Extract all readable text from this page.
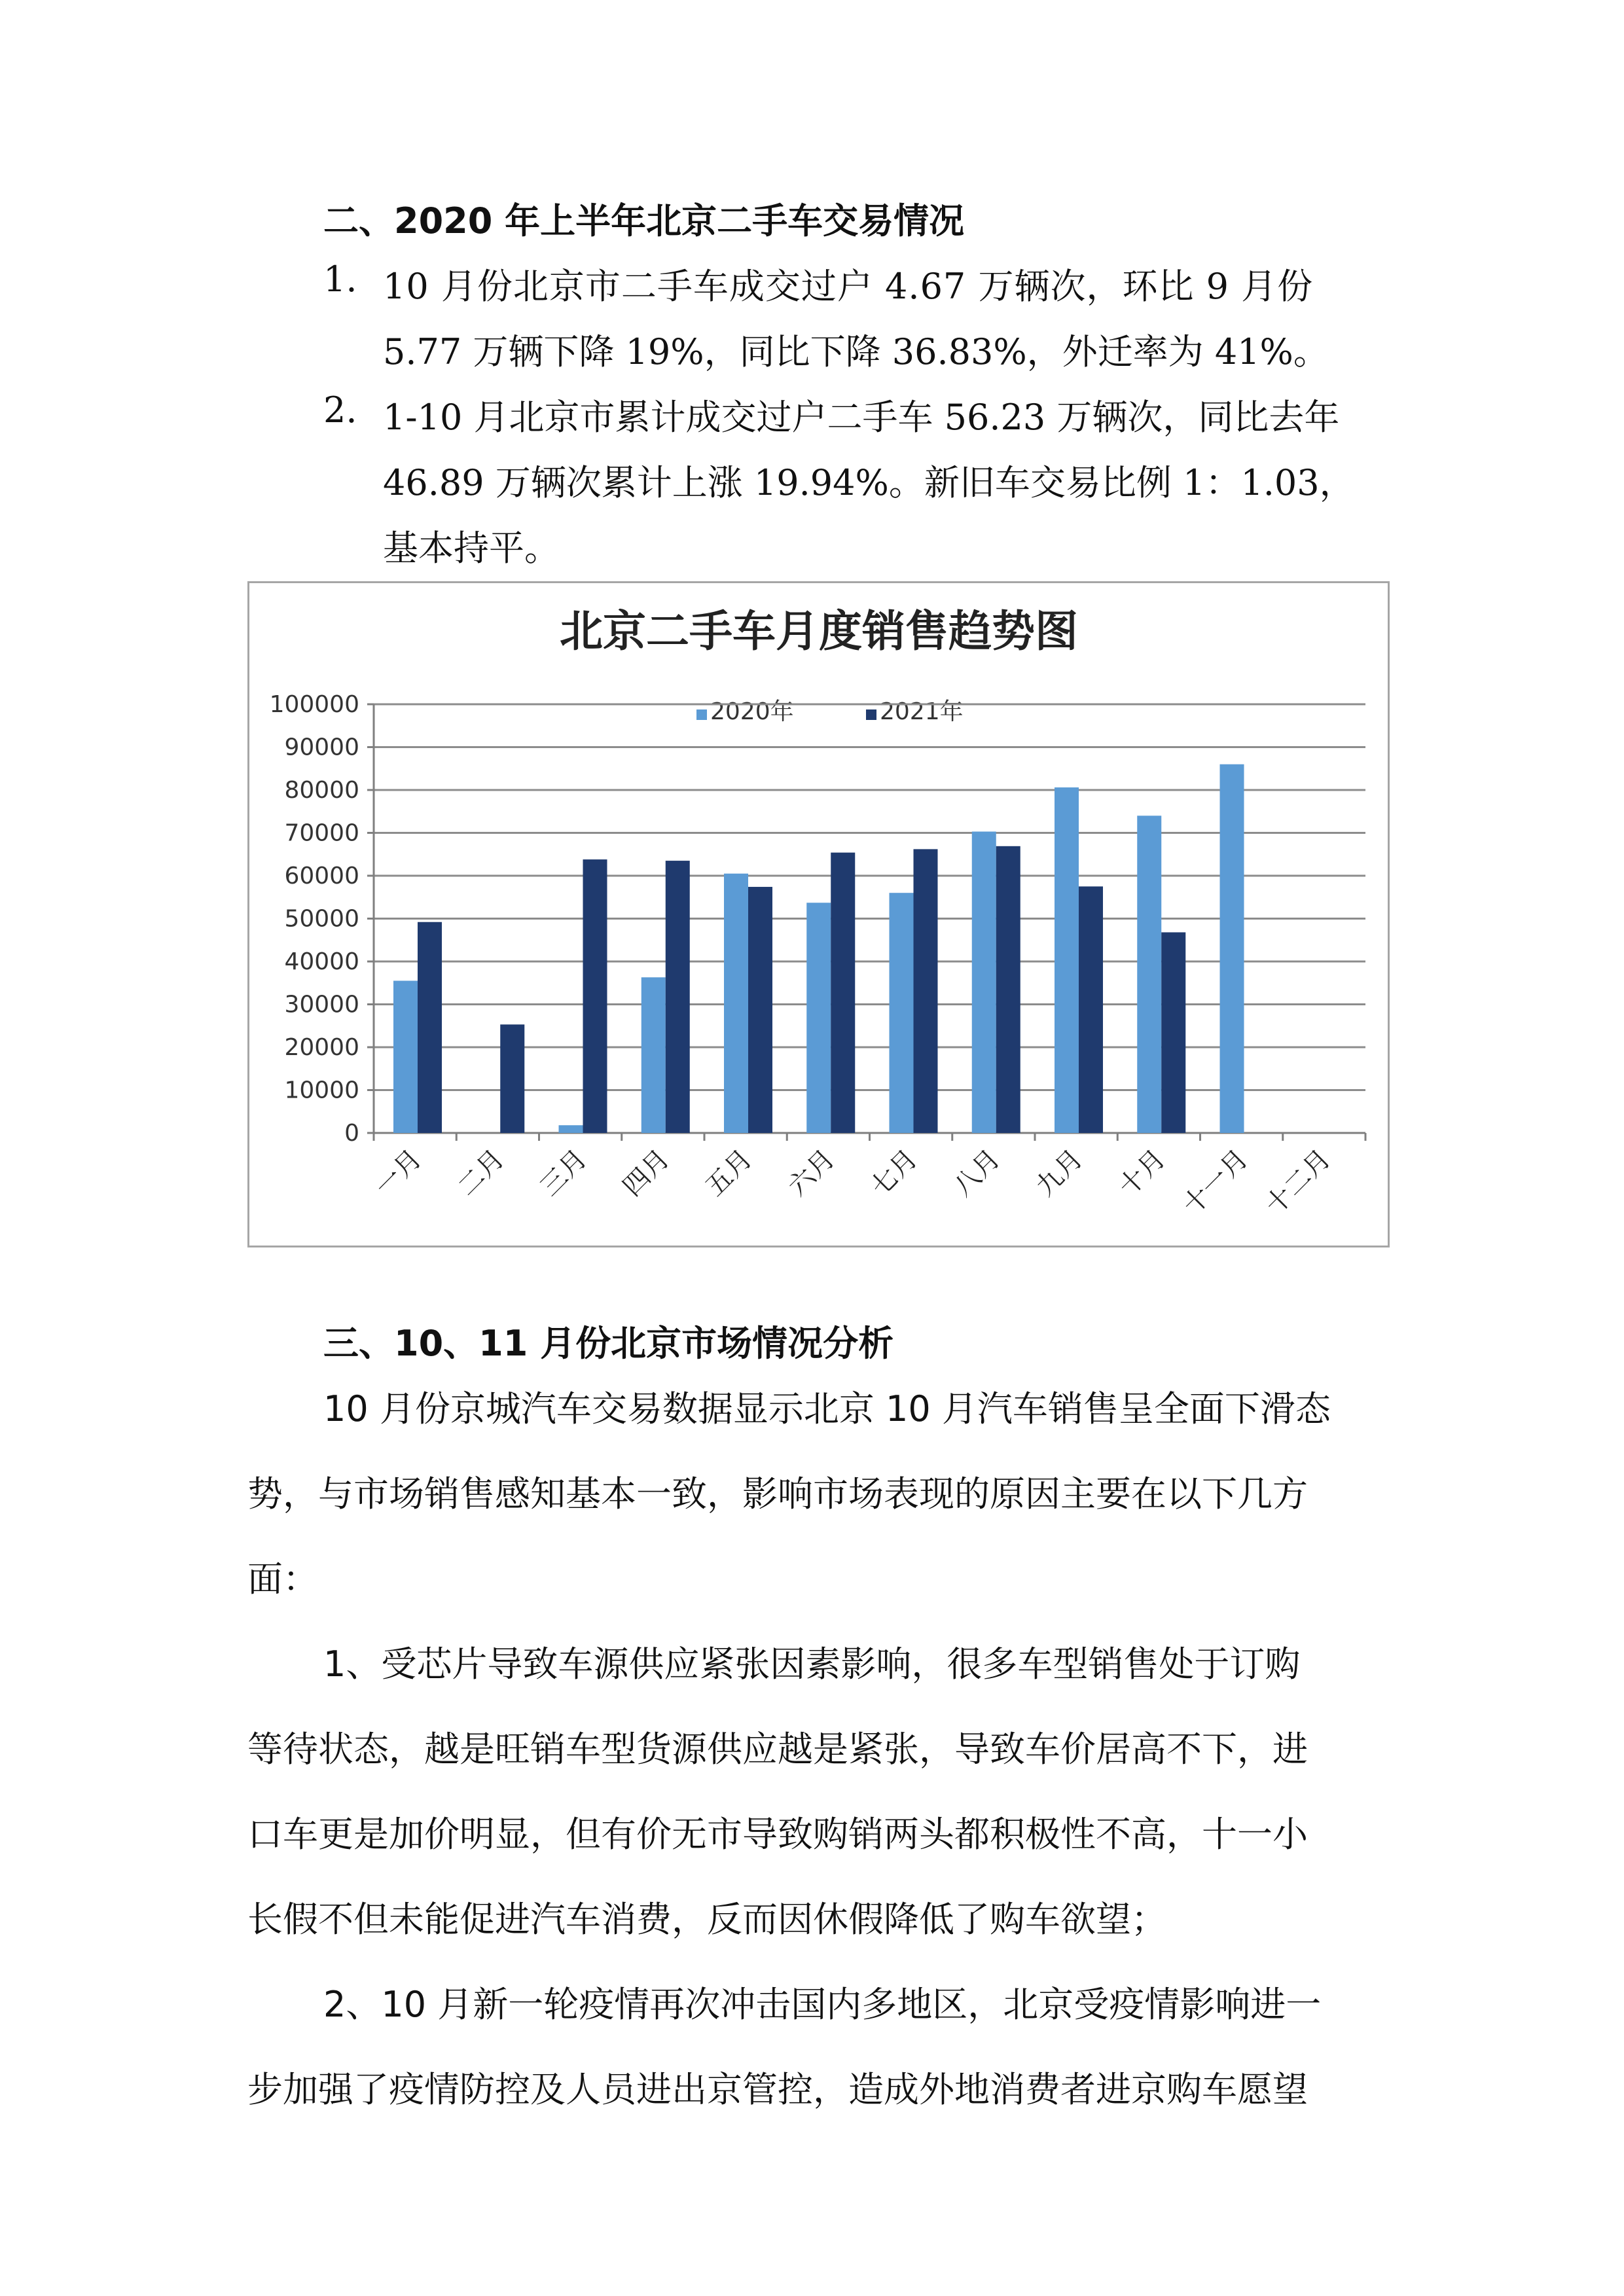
二、2020 年上半年北京二手车交易情况
1. 10 月份北京市二手车成交过户 4.67 万辆次，环比 9 月份
5.77 万辆下降 19%，同比下降 36.83%，外迁率为 41%。
2. 1-10 月北京市累计成交过户二手车 56.23 万辆次，同比去年
46.89 万辆次累计上涨 19.94%。新旧车交易比例 1：1.03，
基本持平。
北京二手车月度销售趋势图
2020年	2021年
0
10000
20000
30000
40000
50000
60000
70000
80000
90000
100000
一月 二月 三月 四月 五月 六月 七月 八月 九月 十月 十一月 十二月
三、10、11 月份北京市场情况分析
10 月份京城汽车交易数据显示北京 10 月汽车销售呈全面下滑态
势，与市场销售感知基本一致，影响市场表现的原因主要在以下几方
面：
1、受芯片导致车源供应紧张因素影响，很多车型销售处于订购
等待状态，越是旺销车型货源供应越是紧张，导致车价居高不下，进
口车更是加价明显，但有价无市导致购销两头都积极性不高，十一小
长假不但未能促进汽车消费，反而因休假降低了购车欲望；
2、10 月新一轮疫情再次冲击国内多地区，北京受疫情影响进一
步加强了疫情防控及人员进出京管控，造成外地消费者进京购车愿望
